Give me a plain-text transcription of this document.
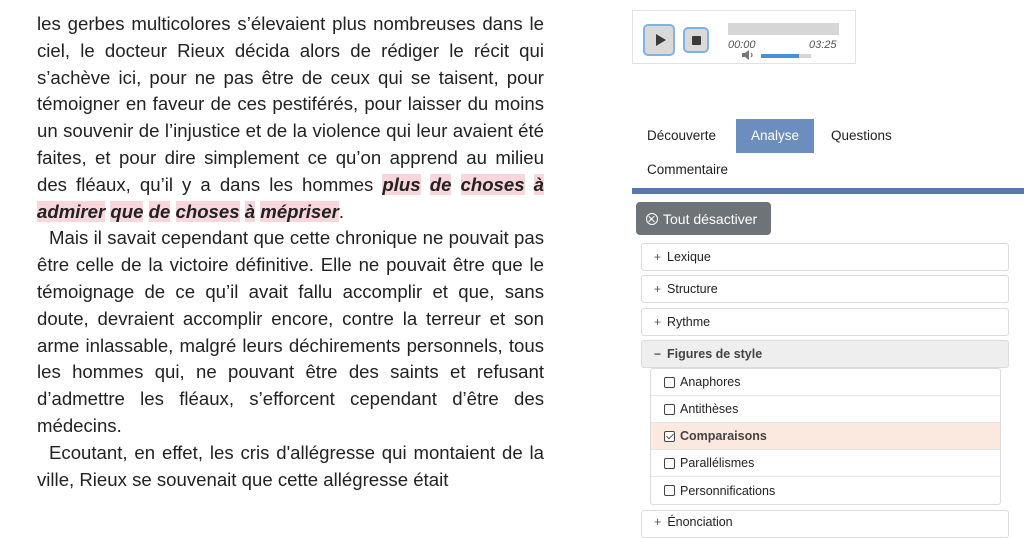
les gerbes multicolores s’élevaient plus nombreuses dans le ciel, le docteur Rieux décida alors de rédiger le récit qui s’achève ici, pour ne pas être de ceux qui se taisent, pour témoigner en faveur de ces pestiférés, pour laisser du moins un souvenir de l’injustice et de la violence qui leur avaient été faites, et pour dire simplement ce qu’on apprend au milieu des fléaux, qu’il y a dans les hommes plus de choses à admirer que de choses à mépriser.

Mais il savait cependant que cette chronique ne pouvait pas être celle de la victoire définitive. Elle ne pouvait être que le témoignage de ce qu’il avait fallu accomplir et que, sans doute, devraient accomplir encore, contre la terreur et son arme inlassable, malgré leurs déchirements personnels, tous les hommes qui, ne pouvant être des saints et refusant d’admettre les fléaux, s’efforcent cependant d’être des médecins.

Ecoutant, en effet, les cris d'allégresse qui montaient de la ville, Rieux se souvenait que cette allégresse était

00:00	03:25
Découverte	Analyse	Questions
Commentaire
Tout désactiver
+ Lexique
+ Structure
+ Rythme
− Figures de style
Anaphores
Antithèses
Comparaisons
Parallélismes
Personnifications
+ Énonciation
